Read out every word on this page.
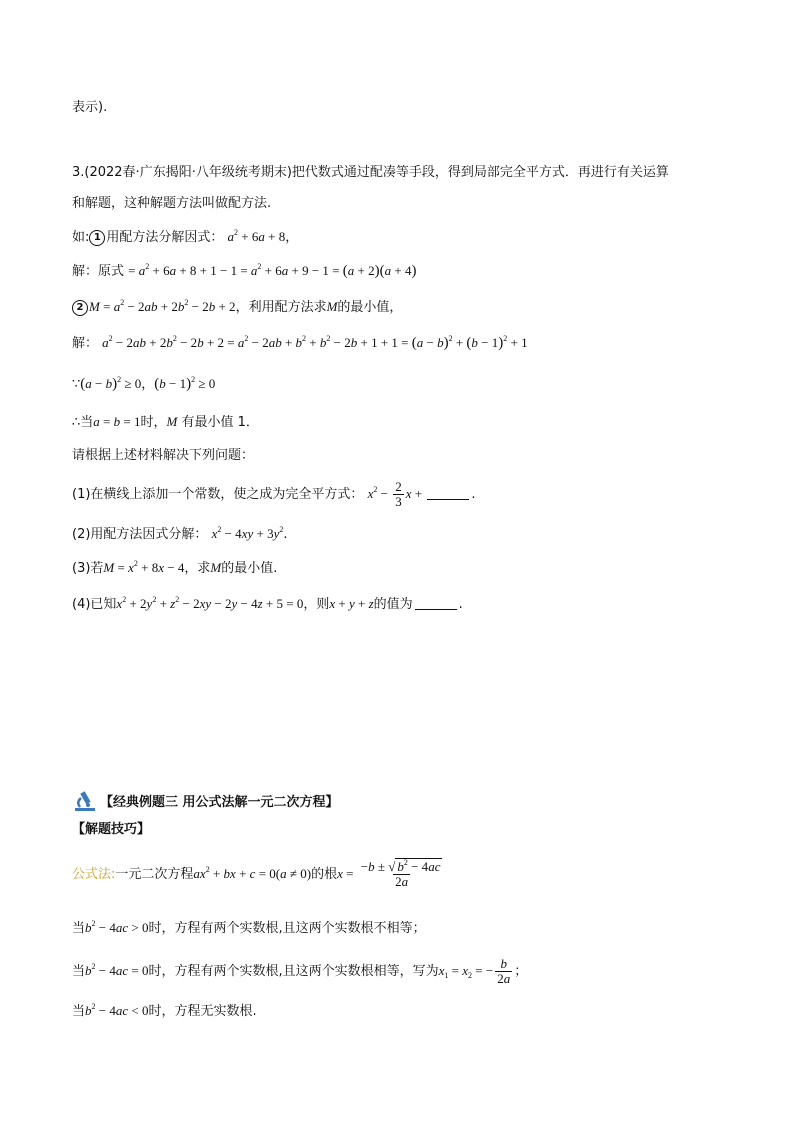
表示).
3.(2022春·广东揭阳·八年级统考期末)把代数式通过配凑等手段，得到局部完全平方式．再进行有关运算
和解题，这种解题方法叫做配方法.
如: 1 用配方法分解因式： $a^2 + 6a + 8$，
解：原式 = $a^2 + 6a + 8 + 1 - 1 = a^2 + 6a + 9 - 1 = (a + 2)(a + 4)$
2 $M = a^2 - 2ab + 2b^2 - 2b + 2$，利用配方法求M的最小值，
解： $a^2 - 2ab + 2b^2 - 2b + 2 = a^2 - 2ab + b^2 + b^2 - 2b + 1 + 1 = (a - b)^2 + (b - 1)^2 + 1$
∵(a − b)$^2$ ≥ 0，$(b - 1)^2 \ge 0$
∴当a = b = 1时，M 有最小值 1．
请根据上述材料解决下列问题：
(1)在横线上添加一个常数，使之成为完全平方式： $x^2 - \frac{2}{3}$ x +	.
(2)用配方法因式分解： $x^2 - 4xy + 3y^2$.
(3)若$M = x^2 + 8x - 4$，求M的最小值.
(4)已知$x^2 + 2y^2 + z^2 - 2xy - 2y - 4z + 5 = 0$，则x + y + z的值为	.
【经典例题三 用公式法解一元二次方程】
【解题技巧】
公式法:一元二次方程$ax^2$ + bx + c = 0(a ≠ 0)的根$x = \frac{-b \pm √ b^2 - 4ac}{2a}$
当$b^2 - 4ac > 0$时，方程有两个实数根,且这两个实数根不相等；
当$b^2 - 4ac = 0$时，方程有两个实数根,且这两个实数根相等，写为$x_1 = x_2$ = − $\frac{b}{2a}$ ；
当$b^2 - 4ac < 0$时，方程无实数根.
